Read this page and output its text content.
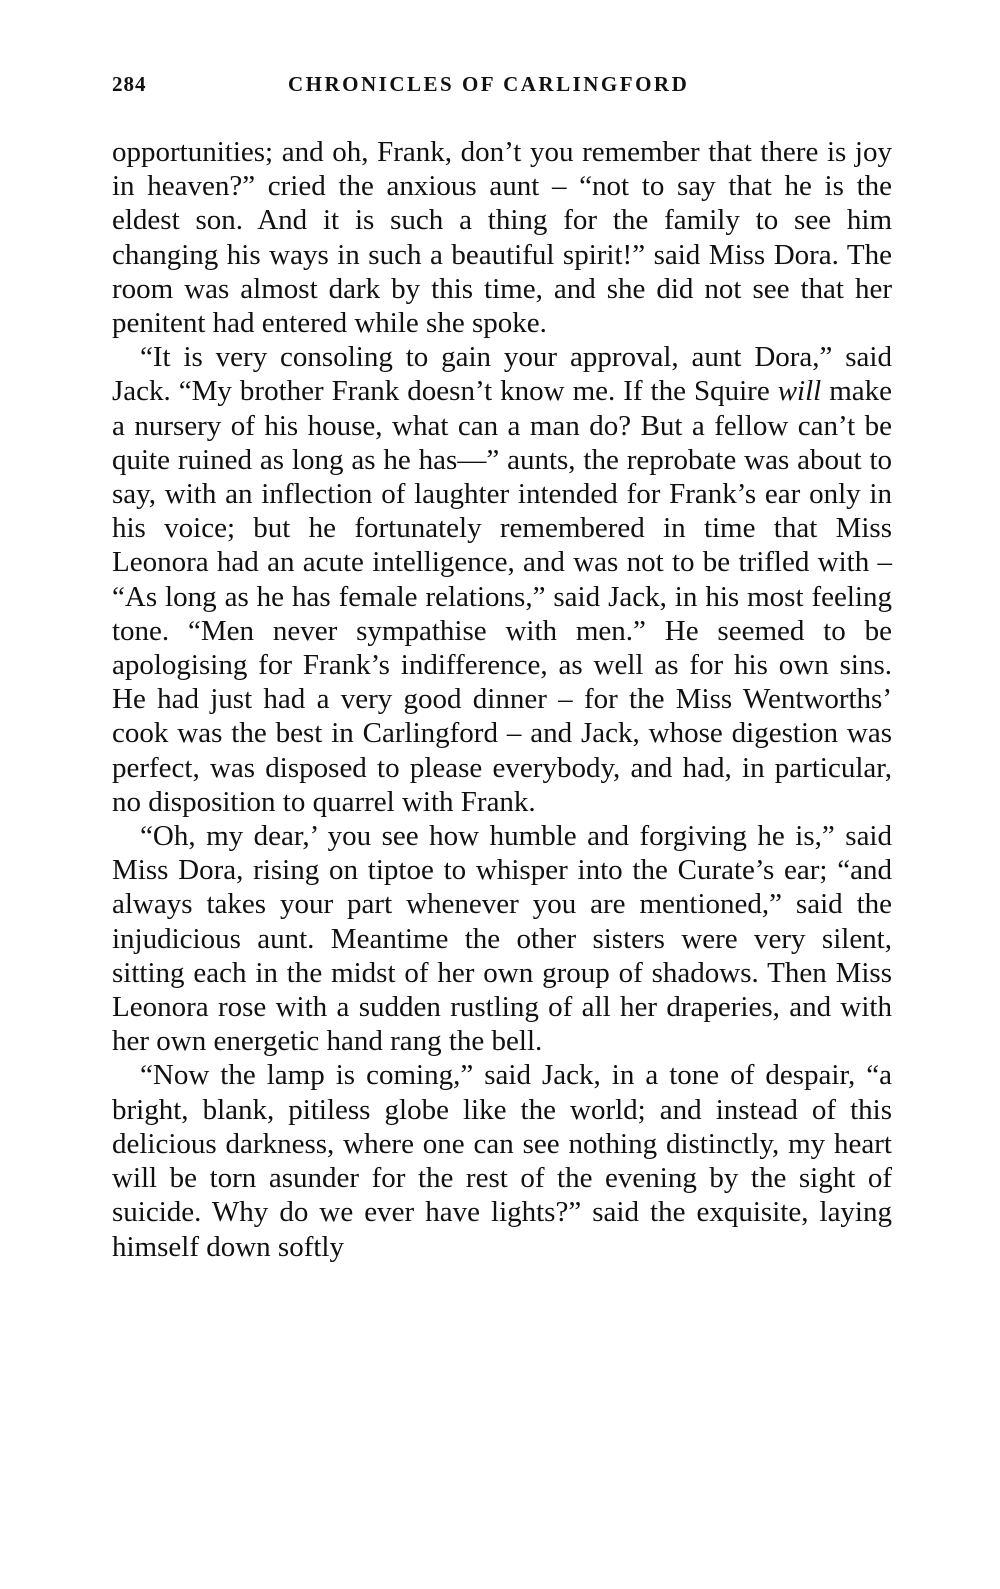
284	CHRONICLES OF CARLINGFORD

opportunities; and oh, Frank, don’t you remember that there is joy in heaven?” cried the anxious aunt – “not to say that he is the eldest son. And it is such a thing for the family to see him changing his ways in such a beautiful spirit!” said Miss Dora. The room was almost dark by this time, and she did not see that her penitent had entered while she spoke.

“It is very consoling to gain your approval, aunt Dora,” said Jack. “My brother Frank doesn’t know me. If the Squire will make a nursery of his house, what can a man do? But a fellow can’t be quite ruined as long as he has—” aunts, the reprobate was about to say, with an inflection of laughter intended for Frank’s ear only in his voice; but he fortunately remembered in time that Miss Leonora had an acute intelligence, and was not to be trifled with – “As long as he has female relations,” said Jack, in his most feeling tone. “Men never sympathise with men.” He seemed to be apologising for Frank’s indifference, as well as for his own sins. He had just had a very good dinner – for the Miss Wentworths’ cook was the best in Carlingford – and Jack, whose digestion was perfect, was disposed to please everybody, and had, in particular, no disposition to quarrel with Frank.

“Oh, my dear,’ you see how humble and forgiving he is,” said Miss Dora, rising on tiptoe to whisper into the Curate’s ear; “and always takes your part whenever you are mentioned,” said the injudicious aunt. Meantime the other sisters were very silent, sitting each in the midst of her own group of shadows. Then Miss Leonora rose with a sudden rustling of all her draperies, and with her own energetic hand rang the bell.

“Now the lamp is coming,” said Jack, in a tone of despair, “a bright, blank, pitiless globe like the world; and instead of this delicious darkness, where one can see nothing distinctly, my heart will be torn asunder for the rest of the evening by the sight of suicide. Why do we ever have lights?” said the exquisite, laying himself down softly
